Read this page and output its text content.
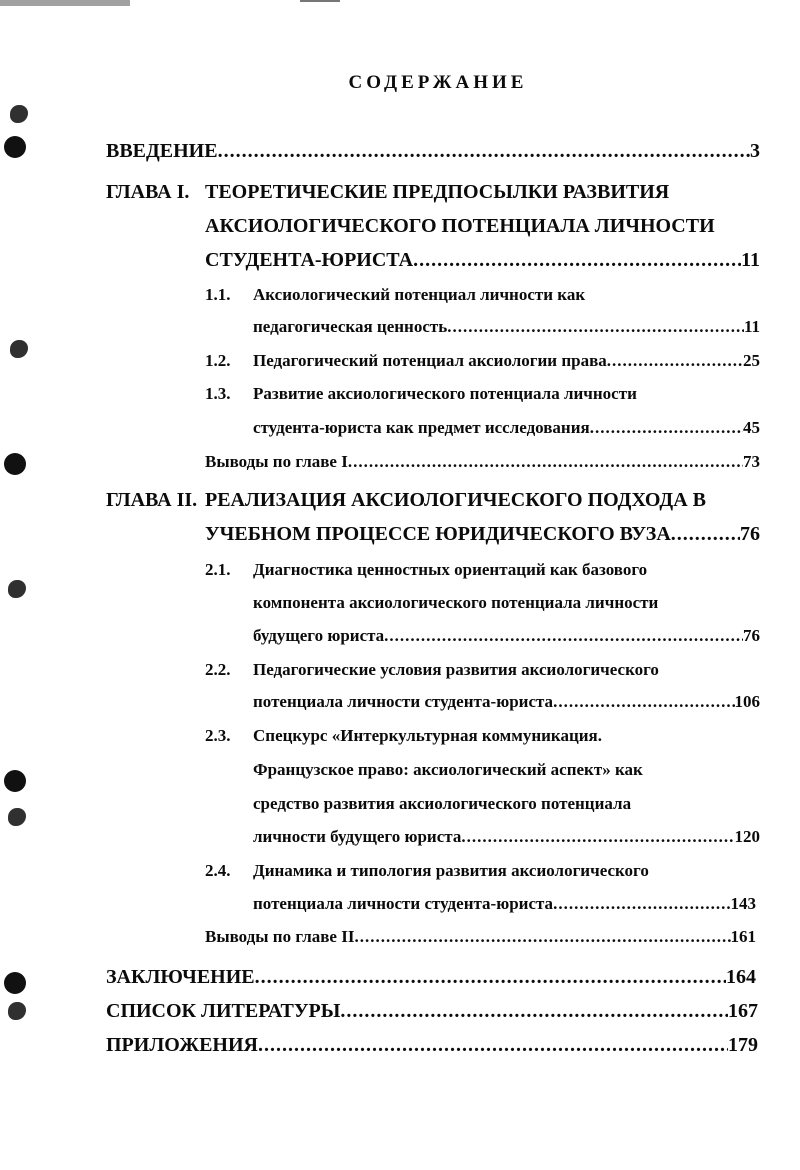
СОДЕРЖАНИЕ
ВВЕДЕНИЕ .....	3
ГЛАВА I. ТЕОРЕТИЧЕСКИЕ ПРЕДПОСЫЛКИ РАЗВИТИЯ
АКСИОЛОГИЧЕСКОГО ПОТЕНЦИАЛА ЛИЧНОСТИ
СТУДЕНТА-ЮРИСТА .....	11
1.1. Аксиологический потенциал личности как
педагогическая ценность .....	11
1.2. Педагогический потенциал аксиологии права .....	25
1.3. Развитие аксиологического потенциала личности
студента-юриста как предмет исследования .....	45
Выводы по главе I .....	73
ГЛАВА II. РЕАЛИЗАЦИЯ АКСИОЛОГИЧЕСКОГО ПОДХОДА В
УЧЕБНОМ ПРОЦЕССЕ ЮРИДИЧЕСКОГО ВУЗА .....	76
2.1. Диагностика ценностных ориентаций как базового
компонента аксиологического потенциала личности
будущего юриста .....	76
2.2. Педагогические условия развития аксиологического
потенциала личности студента-юриста .....	106
2.3. Спецкурс «Интеркультурная коммуникация.
Французское право: аксиологический аспект» как
средство развития аксиологического потенциала
личности будущего юриста .....	120
2.4. Динамика и типология развития аксиологического
потенциала личности студента-юриста .....	143
Выводы по главе II .....	161
ЗАКЛЮЧЕНИЕ .....	164
СПИСОК ЛИТЕРАТУРЫ .....	167
ПРИЛОЖЕНИЯ .....	179
